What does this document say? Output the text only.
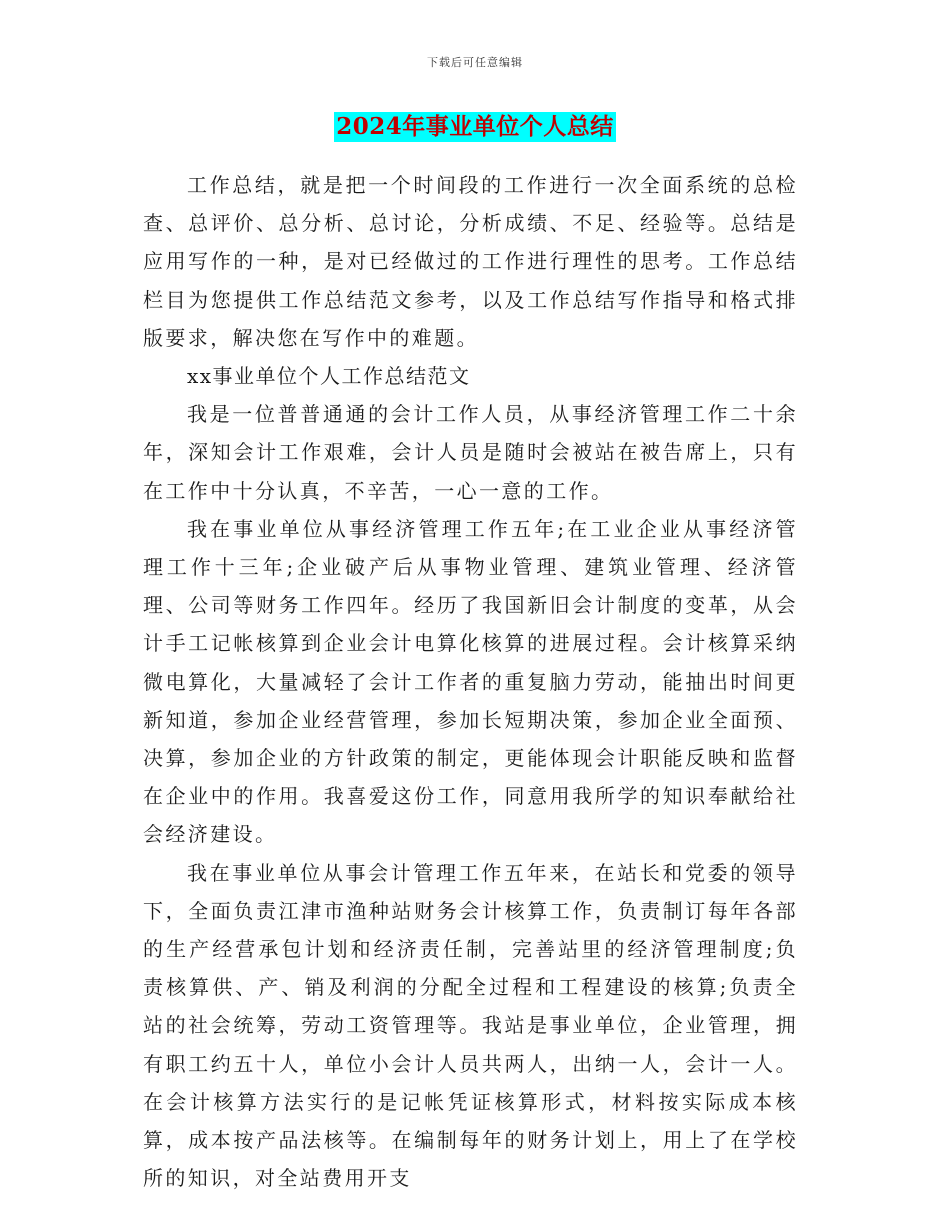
下载后可任意编辑
2024年事业单位个人总结

工作总结，就是把一个时间段的工作进行一次全面系统的总检查、总评价、总分析、总讨论，分析成绩、不足、经验等。总结是应用写作的一种，是对已经做过的工作进行理性的思考。工作总结栏目为您提供工作总结范文参考，以及工作总结写作指导和格式排版要求，解决您在写作中的难题。

xx事业单位个人工作总结范文

我是一位普普通通的会计工作人员，从事经济管理工作二十余年，深知会计工作艰难，会计人员是随时会被站在被告席上，只有在工作中十分认真，不辛苦，一心一意的工作。

我在事业单位从事经济管理工作五年;在工业企业从事经济管理工作十三年;企业破产后从事物业管理、建筑业管理、经济管理、公司等财务工作四年。经历了我国新旧会计制度的变革，从会计手工记帐核算到企业会计电算化核算的进展过程。会计核算采纳微电算化，大量减轻了会计工作者的重复脑力劳动，能抽出时间更新知道，参加企业经营管理，参加长短期决策，参加企业全面预、决算，参加企业的方针政策的制定，更能体现会计职能反映和监督在企业中的作用。我喜爱这份工作，同意用我所学的知识奉献给社会经济建设。

我在事业单位从事会计管理工作五年来，在站长和党委的领导下，全面负责江津市渔种站财务会计核算工作，负责制订每年各部的生产经营承包计划和经济责任制，完善站里的经济管理制度;负责核算供、产、销及利润的分配全过程和工程建设的核算;负责全站的社会统筹，劳动工资管理等。我站是事业单位，企业管理，拥有职工约五十人，单位小会计人员共两人，出纳一人，会计一人。在会计核算方法实行的是记帐凭证核算形式，材料按实际成本核算，成本按产品法核等。在编制每年的财务计划上，用上了在学校所的知识，对全站费用开支
